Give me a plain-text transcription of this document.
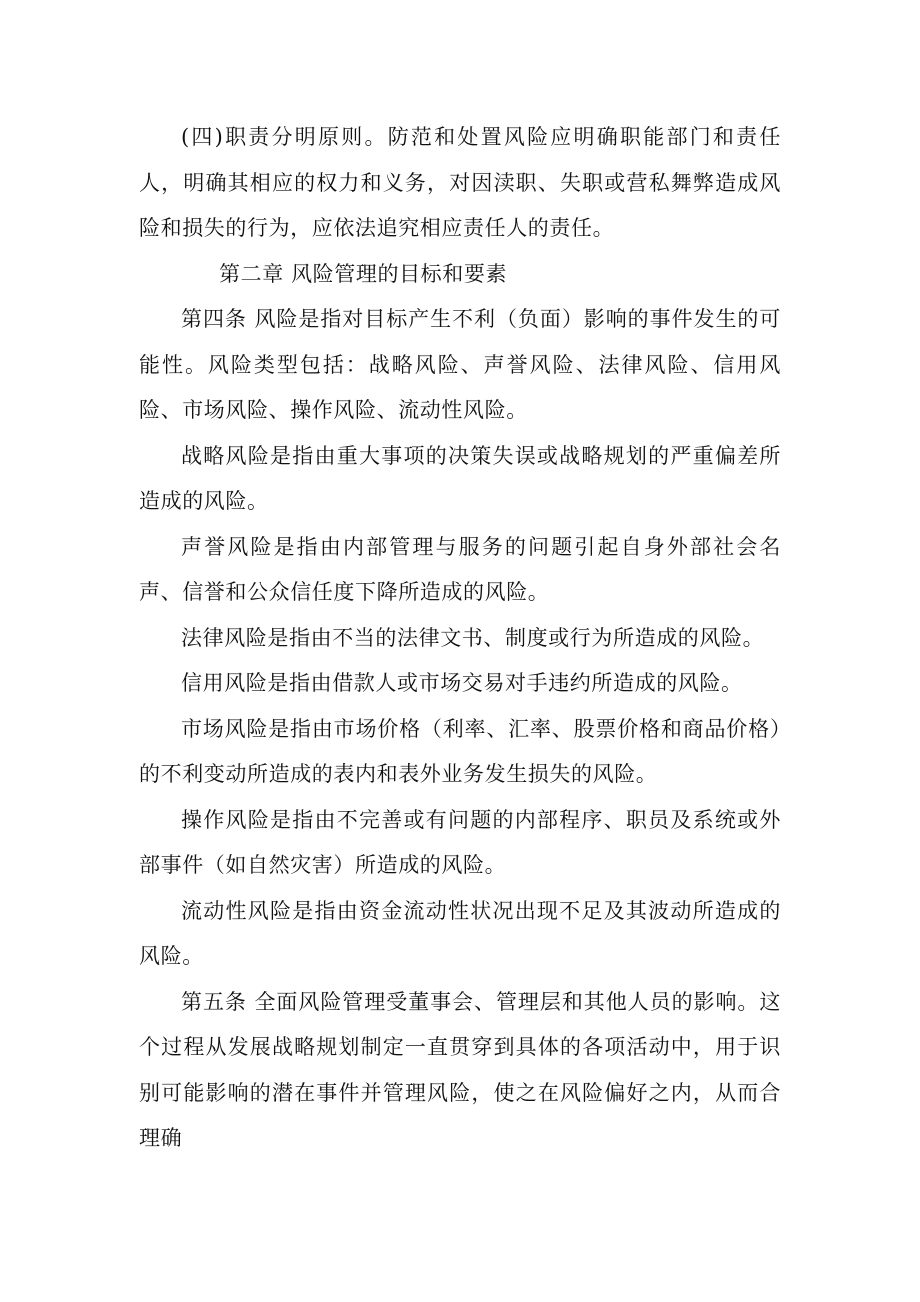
(四)职责分明原则。防范和处置风险应明确职能部门和责任人，明确其相应的权力和义务，对因渎职、失职或营私舞弊造成风险和损失的行为，应依法追究相应责任人的责任。

第二章 风险管理的目标和要素

第四条 风险是指对目标产生不利（负面）影响的事件发生的可能性。风险类型包括：战略风险、声誉风险、法律风险、信用风险、市场风险、操作风险、流动性风险。

战略风险是指由重大事项的决策失误或战略规划的严重偏差所造成的风险。

声誉风险是指由内部管理与服务的问题引起自身外部社会名声、信誉和公众信任度下降所造成的风险。

法律风险是指由不当的法律文书、制度或行为所造成的风险。

信用风险是指由借款人或市场交易对手违约所造成的风险。

市场风险是指由市场价格（利率、汇率、股票价格和商品价格）的不利变动所造成的表内和表外业务发生损失的风险。

操作风险是指由不完善或有问题的内部程序、职员及系统或外部事件（如自然灾害）所造成的风险。

流动性风险是指由资金流动性状况出现不足及其波动所造成的风险。

第五条 全面风险管理受董事会、管理层和其他人员的影响。这个过程从发展战略规划制定一直贯穿到具体的各项活动中，用于识别可能影响的潜在事件并管理风险，使之在风险偏好之内，从而合理确
